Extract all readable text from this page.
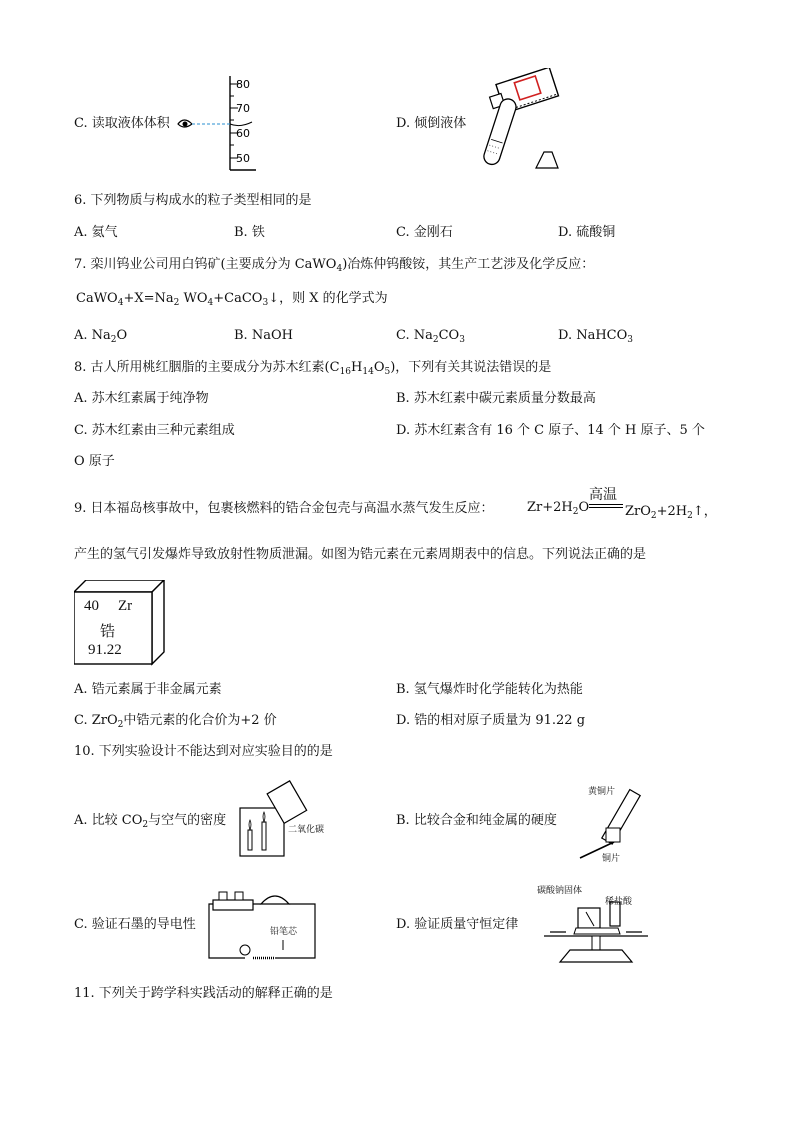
C. 读取液体体积
80
70
60
50
D. 倾倒液体
6. 下列物质与构成水的粒子类型相同的是
A. 氦气	B. 铁	C. 金刚石	D. 硫酸铜
7. 栾川钨业公司用白钨矿(主要成分为 CaWO$_4$)冶炼仲钨酸铵，其生产工艺涉及化学反应：
$CaWO_4+X=Na_2$ $WO_4+CaCO_3↓$，则 X 的化学式为
A. $Na_2O$	B. NaOH	C. $Na_2CO_3$	D. NaHCO$_3$
8. 古人所用桃红胭脂的主要成分为苏木红素$(C_{16}H_{14}O_5)$，下列有关其说法错误的是
A. 苏木红素属于纯净物	B. 苏木红素中碳元素质量分数最高
C. 苏木红素由三种元素组成	D. 苏木红素含有 16 个 C 原子、14 个 H 原子、5 个
O 原子
9. 日本福岛核事故中，包裹核燃料的锆合金包壳与高温水蒸气发生反应：	$Zr+2H_2O$
高温
$ZrO_2+2H_2↑$，
产生的氢气引发爆炸导致放射性物质泄漏。如图为锆元素在元素周期表中的信息。下列说法正确的是
40 Zr
锆
91.22
A. 锆元素属于非金属元素	B. 氢气爆炸时化学能转化为热能
C. ZrO$_2$中锆元素的化合价为+2 价	D. 锆的相对原子质量为 91.22 g
10. 下列实验设计不能达到对应实验目的的是
A. 比较 $CO_2$与空气的密度
二氧化碳
B. 比较合金和纯金属的硬度
黄铜片
铜片
C. 验证石墨的导电性	铅笔芯	D. 验证质量守恒定律
碳酸钠固体
稀盐酸
11. 下列关于跨学科实践活动的解释正确的是
